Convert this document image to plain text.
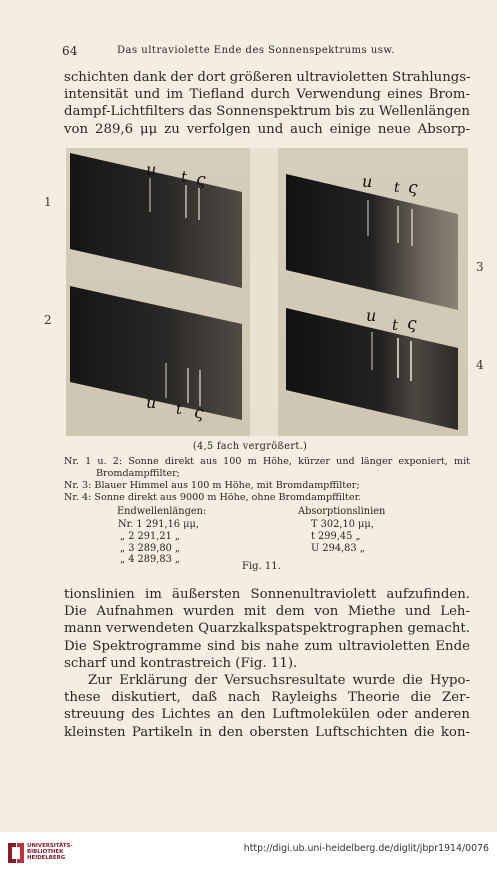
64	Das ultraviolette Ende des Sonnenspektrums usw.
schichten dank der dort größeren ultravioletten Strahlungs-
intensität und im Tiefland durch Verwendung eines Brom-
dampf-Lichtfilters das Sonnenspektrum bis zu Wellenlängen
von 289,6 μμ zu verfolgen und auch einige neue Absorp-
1
2
3
4
u t ς
u t ς
u t ς
u t ς
(4,5 fach vergrößert.)
Nr. 1 u. 2: Sonne direkt aus 100 m Höhe, kürzer und länger exponiert, mit
Bromdampffilter;
Nr. 3: Blauer Himmel aus 100 m Höhe, mit Bromdampffilter;
Nr. 4: Sonne direkt aus 9000 m Höhe, ohne Bromdampffilter.
Endwellenlängen:	Absorptionslinien
Nr. 1 291,16 μμ,
„ 2 291,21 „
„ 3 289,80 „
„ 4 289,83 „
T 302,10 μμ,
t 299,45 „
U 294,83 „
Fig. 11.
tionslinien im äußersten Sonnenultraviolett aufzufinden.
Die Aufnahmen wurden mit dem von Miethe und Leh-
mann verwendeten Quarzkalkspatspektrographen gemacht.
Die Spektrogramme sind bis nahe zum ultravioletten Ende
scharf und kontrastreich (Fig. 11).
Zur Erklärung der Versuchsresultate wurde die Hypo-
these diskutiert, daß nach Rayleighs Theorie die Zer-
streuung des Lichtes an den Luftmolekülen oder anderen
kleinsten Partikeln in den obersten Luftschichten die kon-
UNIVERSITÄTS-
BIBLIOTHEK
HEIDELBERG
http://digi.ub.uni-heidelberg.de/diglit/jbpr1914/0076
